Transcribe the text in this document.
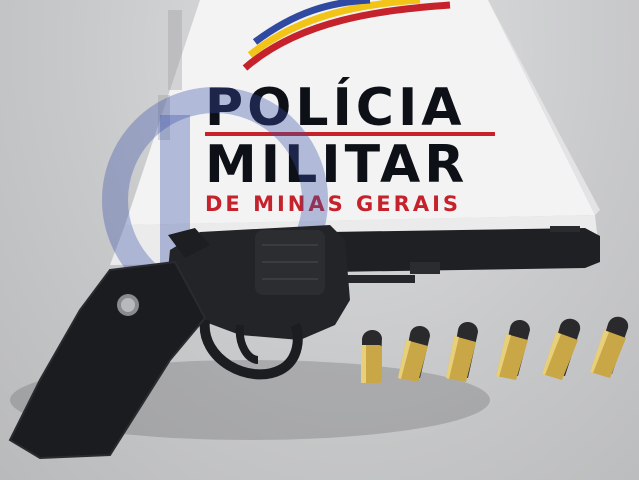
POLÍCIA
MILITAR
DE MINAS GERAIS
